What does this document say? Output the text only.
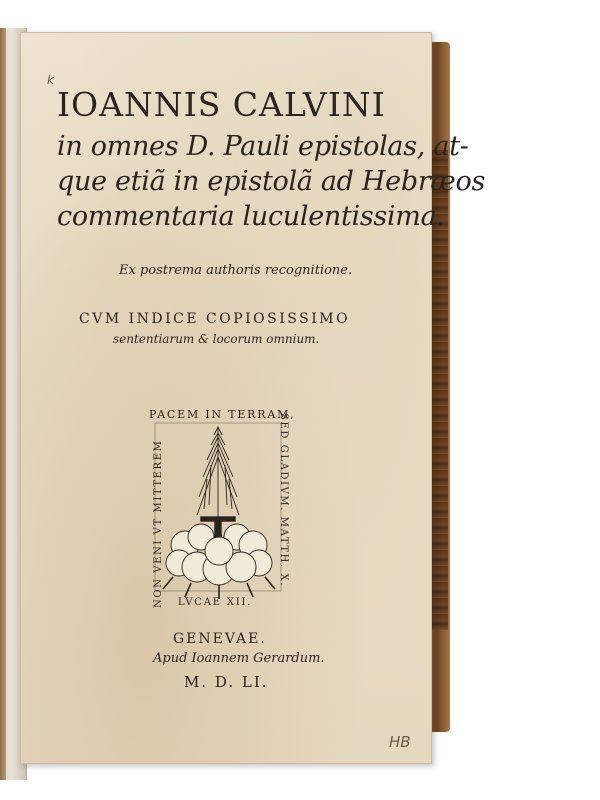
k
IOANNIS CALVINI
in omnes D. Pauli epistolas, at-
que etiã in epistolã ad Hebræos
commentaria luculentissima.
Ex postrema authoris recognitione.
CVM INDICE COPIOSISSIMO
sententiarum & locorum omnium.
PACEM IN TERRAM,
NON VENI VT MITTEREM	SED GLADIVM. MATTH. X.
LVCAE XII.
GENEVAE.
Apud Ioannem Gerardum.
M. D. LI.
HB
